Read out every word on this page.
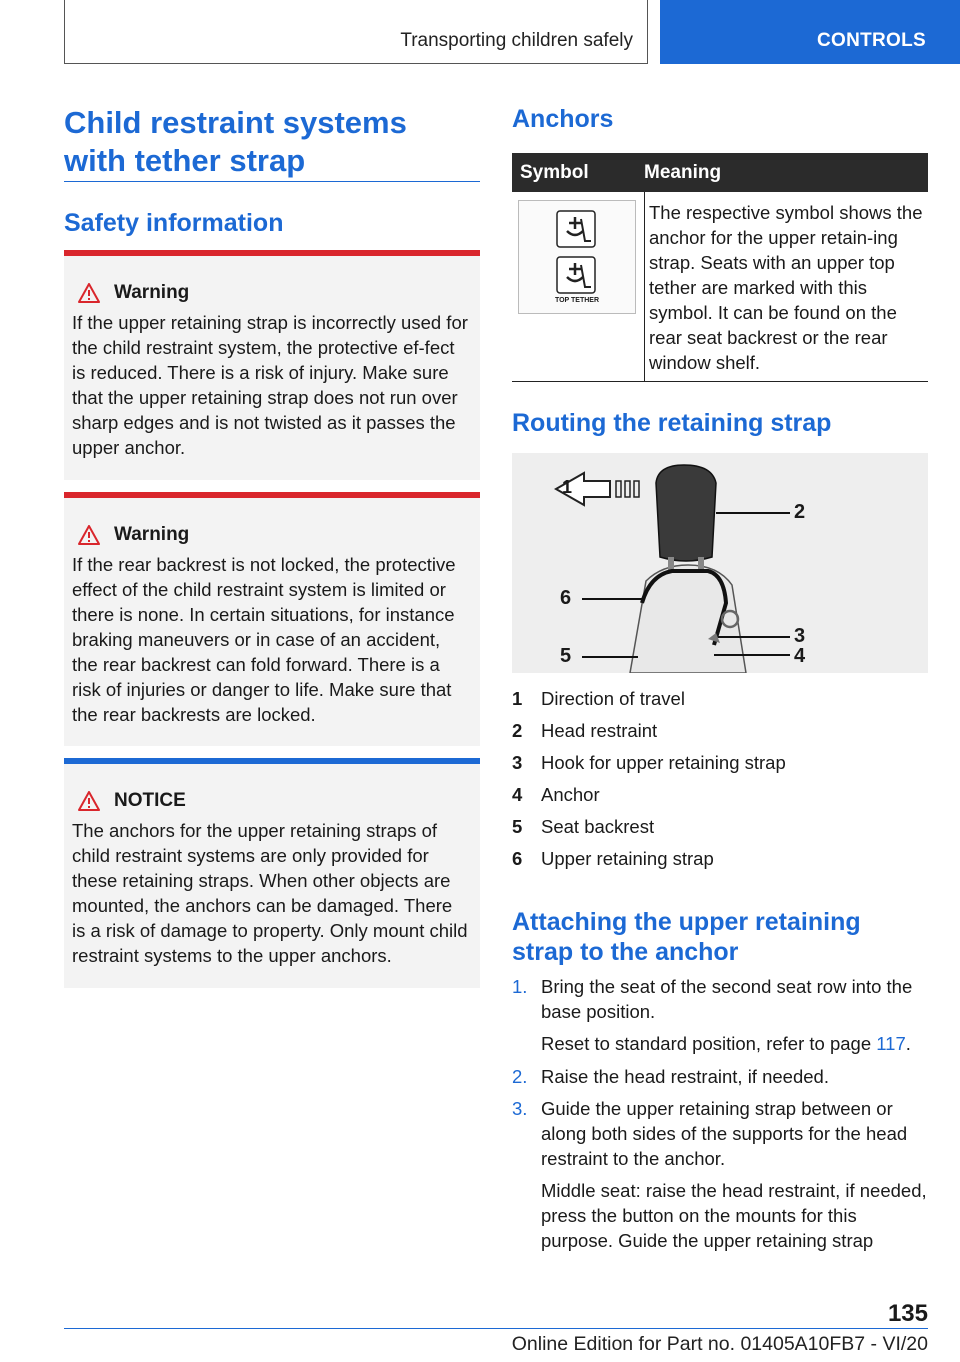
Transporting children safely	CONTROLS
Child restraint systems
with tether strap
Safety information
Warning
If the upper retaining strap is incorrectly used for the child restraint system, the protective ef-fect is reduced. There is a risk of injury. Make sure that the upper retaining strap does not run over sharp edges and is not twisted as it passes the upper anchor.
Warning
If the rear backrest is not locked, the protective effect of the child restraint system is limited or there is none. In certain situations, for instance braking maneuvers or in case of an accident, the rear backrest can fold forward. There is a risk of injuries or danger to life. Make sure that the rear backrests are locked.
NOTICE
The anchors for the upper retaining straps of child restraint systems are only provided for these retaining straps. When other objects are mounted, the anchors can be damaged. There is a risk of damage to property. Only mount child restraint systems to the upper anchors.
Anchors
Symbol	Meaning
TOP TETHER
The respective symbol shows the anchor for the upper retain-ing strap. Seats with an upper top tether are marked with this symbol. It can be found on the rear seat backrest or the rear window shelf.
Routing the retaining strap
1
2
6
3
5	4
1 Direction of travel
2 Head restraint
3 Hook for upper retaining strap
4 Anchor
5 Seat backrest
6 Upper retaining strap
Attaching the upper retaining
strap to the anchor
1. Bring the seat of the second seat row into the base position.
Reset to standard position, refer to page 117.
2. Raise the head restraint, if needed.
3. Guide the upper retaining strap between or along both sides of the supports for the head restraint to the anchor.
Middle seat: raise the head restraint, if needed, press the button on the mounts for this purpose. Guide the upper retaining strap
135
Online Edition for Part no. 01405A10FB7 - VI/20
